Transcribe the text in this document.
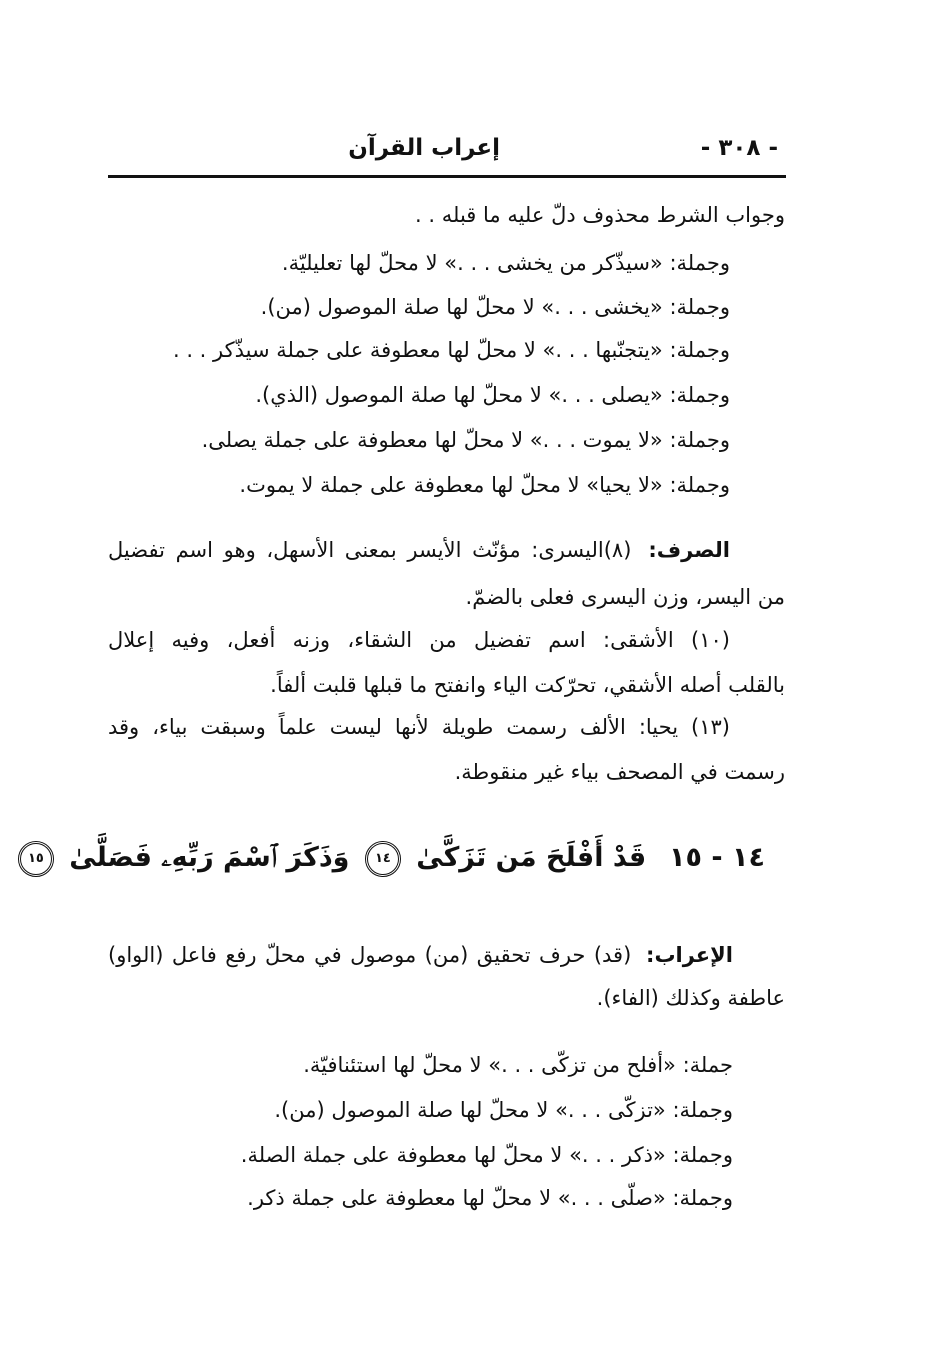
- ٣٠٨ -
إعراب القرآن
وجواب الشرط محذوف دلّ عليه ما قبله . .
وجملة: «سيذّكر من يخشى . . .» لا محلّ لها تعليليّة.
وجملة: «يخشى . . .» لا محلّ لها صلة الموصول (من).
وجملة: «يتجنّبها . . .» لا محلّ لها معطوفة على جملة سيذّكر . . .
وجملة: «يصلى . . .» لا محلّ لها صلة الموصول (الذي).
وجملة: «لا يموت . . .» لا محلّ لها معطوفة على جملة يصلى.
وجملة: «لا يحيا» لا محلّ لها معطوفة على جملة لا يموت.
الصرف: (٨)اليسرى: مؤنّث الأيسر بمعنى الأسهل، وهو اسم تفضيل
من اليسر، وزن اليسرى فعلى بالضمّ.
(١٠) الأشقى: اسم تفضيل من الشقاء، وزنه أفعل، وفيه إعلال
بالقلب أصله الأشقي، تحرّكت الياء وانفتح ما قبلها قلبت ألفاً.
(١٣) يحيا: الألف رسمت طويلة لأنها ليست علماً وسبقت بياء، وقد
رسمت في المصحف بياء غير منقوطة.
١٤ - ١٥ قَدْ أَفْلَحَ مَن تَزَكَّىٰ ١٤ وَذَكَرَ ٱسْمَ رَبِّهِۦ فَصَلَّىٰ ١٥
الإعراب: (قد) حرف تحقيق (من) موصول في محلّ رفع فاعل (الواو)
عاطفة وكذلك (الفاء).
جملة: «أفلح من تزكّى . . .» لا محلّ لها استئنافيّة.
وجملة: «تزكّى . . .» لا محلّ لها صلة الموصول (من).
وجملة: «ذكر . . .» لا محلّ لها معطوفة على جملة الصلة.
وجملة: «صلّى . . .» لا محلّ لها معطوفة على جملة ذكر.
